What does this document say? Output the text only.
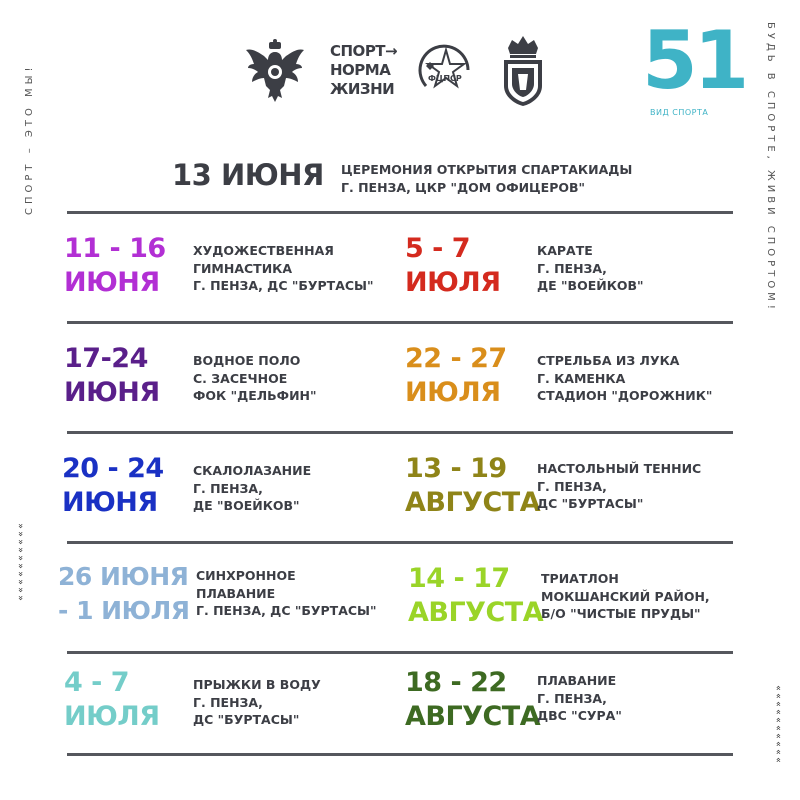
СПОРТ – ЭТО МЫ!	БУДЬ В СПОРТЕ, ЖИВИ СПОРТОМ!
»
»
»
»
»
»
»
»
»
»
»
»
»
»
»
»
»
»
»
»
СПОРТ→
НОРМА
ЖИЗНИ
ФЦПСР 51
ВИД СПОРТА
13 ИЮНЯ ЦЕРЕМОНИЯ ОТКРЫТИЯ СПАРТАКИАДЫ
Г. ПЕНЗА, ЦКР "ДОМ ОФИЦЕРОВ"
11 - 16
ИЮНЯ
ХУДОЖЕСТВЕННАЯ
ГИМНАСТИКА
Г. ПЕНЗА, ДС "БУРТАСЫ"
5 - 7
ИЮЛЯ
КАРАТЕ
Г. ПЕНЗА,
ДЕ "ВОЕЙКОВ"
17-24
ИЮНЯ
ВОДНОЕ ПОЛО
С. ЗАСЕЧНОЕ
ФОК "ДЕЛЬФИН"
22 - 27
ИЮЛЯ
СТРЕЛЬБА ИЗ ЛУКА
Г. КАМЕНКА
СТАДИОН "ДОРОЖНИК"
20 - 24
ИЮНЯ
СКАЛОЛАЗАНИЕ
Г. ПЕНЗА,
ДЕ "ВОЕЙКОВ"
13 - 19
АВГУСТА
НАСТОЛЬНЫЙ ТЕННИС
Г. ПЕНЗА,
ДС "БУРТАСЫ"
26 ИЮНЯ
- 1 ИЮЛЯ
СИНХРОННОЕ
ПЛАВАНИЕ
Г. ПЕНЗА, ДС "БУРТАСЫ"
14 - 17
АВГУСТА
ТРИАТЛОН
МОКШАНСКИЙ РАЙОН,
Б/О "ЧИСТЫЕ ПРУДЫ"
4 - 7
ИЮЛЯ
ПРЫЖКИ В ВОДУ
Г. ПЕНЗА,
ДС "БУРТАСЫ"
18 - 22
АВГУСТА
ПЛАВАНИЕ
Г. ПЕНЗА,
ДВС "СУРА"
